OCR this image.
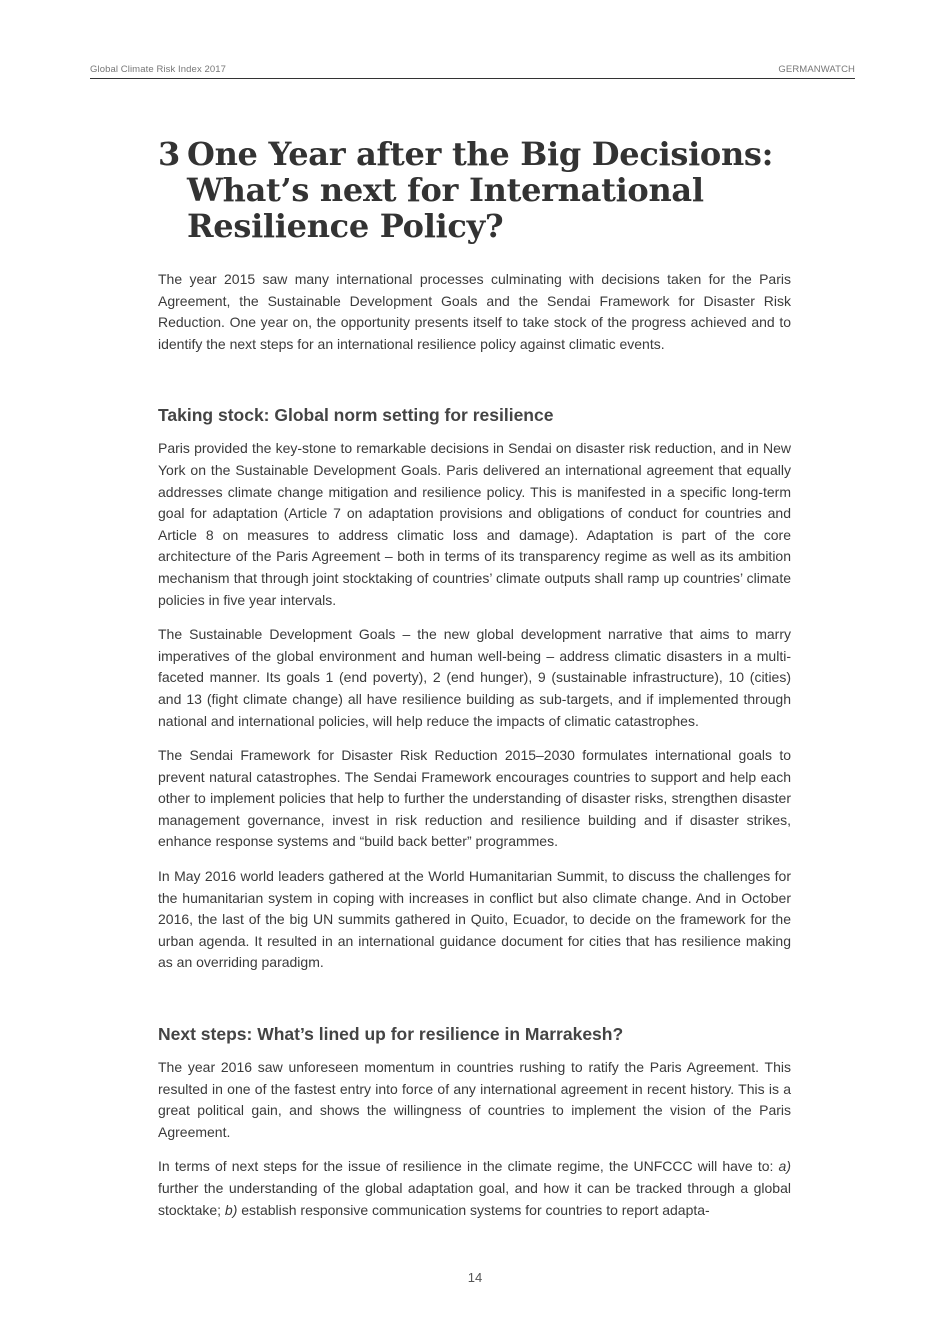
Global Climate Risk Index 2017	GERMANWATCH
3 One Year after the Big Decisions: What’s next for International Resilience Policy?

The year 2015 saw many international processes culminating with decisions taken for the Paris Agreement, the Sustainable Development Goals and the Sendai Framework for Disaster Risk Reduction. One year on, the opportunity presents itself to take stock of the progress achieved and to identify the next steps for an international resilience policy against climatic events.

Taking stock: Global norm setting for resilience

Paris provided the key-stone to remarkable decisions in Sendai on disaster risk reduction, and in New York on the Sustainable Development Goals. Paris delivered an international agreement that equally addresses climate change mitigation and resilience policy. This is manifested in a specific long-term goal for adaptation (Article 7 on adaptation provisions and obligations of conduct for countries and Article 8 on measures to address climatic loss and damage). Adaptation is part of the core architecture of the Paris Agreement – both in terms of its transparency regime as well as its ambition mechanism that through joint stocktaking of countries’ climate outputs shall ramp up countries’ climate policies in five year intervals.

The Sustainable Development Goals – the new global development narrative that aims to marry imperatives of the global environment and human well-being – address climatic disasters in a multi-faceted manner. Its goals 1 (end poverty), 2 (end hunger), 9 (sustainable infrastructure), 10 (cities) and 13 (fight climate change) all have resilience building as sub-targets, and if implemented through national and international policies, will help reduce the impacts of climatic catastrophes.

The Sendai Framework for Disaster Risk Reduction 2015–2030 formulates international goals to prevent natural catastrophes. The Sendai Framework encourages countries to support and help each other to implement policies that help to further the understanding of disaster risks, strengthen disaster management governance, invest in risk reduction and resilience building and if disaster strikes, enhance response systems and “build back better” programmes.

In May 2016 world leaders gathered at the World Humanitarian Summit, to discuss the challenges for the humanitarian system in coping with increases in conflict but also climate change. And in October 2016, the last of the big UN summits gathered in Quito, Ecuador, to decide on the framework for the urban agenda. It resulted in an international guidance document for cities that has resilience making as an overriding paradigm.

Next steps: What’s lined up for resilience in Marrakesh?

The year 2016 saw unforeseen momentum in countries rushing to ratify the Paris Agreement. This resulted in one of the fastest entry into force of any international agreement in recent history. This is a great political gain, and shows the willingness of countries to implement the vision of the Paris Agreement.

In terms of next steps for the issue of resilience in the climate regime, the UNFCCC will have to: a) further the understanding of the global adaptation goal, and how it can be tracked through a global stocktake; b) establish responsive communication systems for countries to report adapta-

14
